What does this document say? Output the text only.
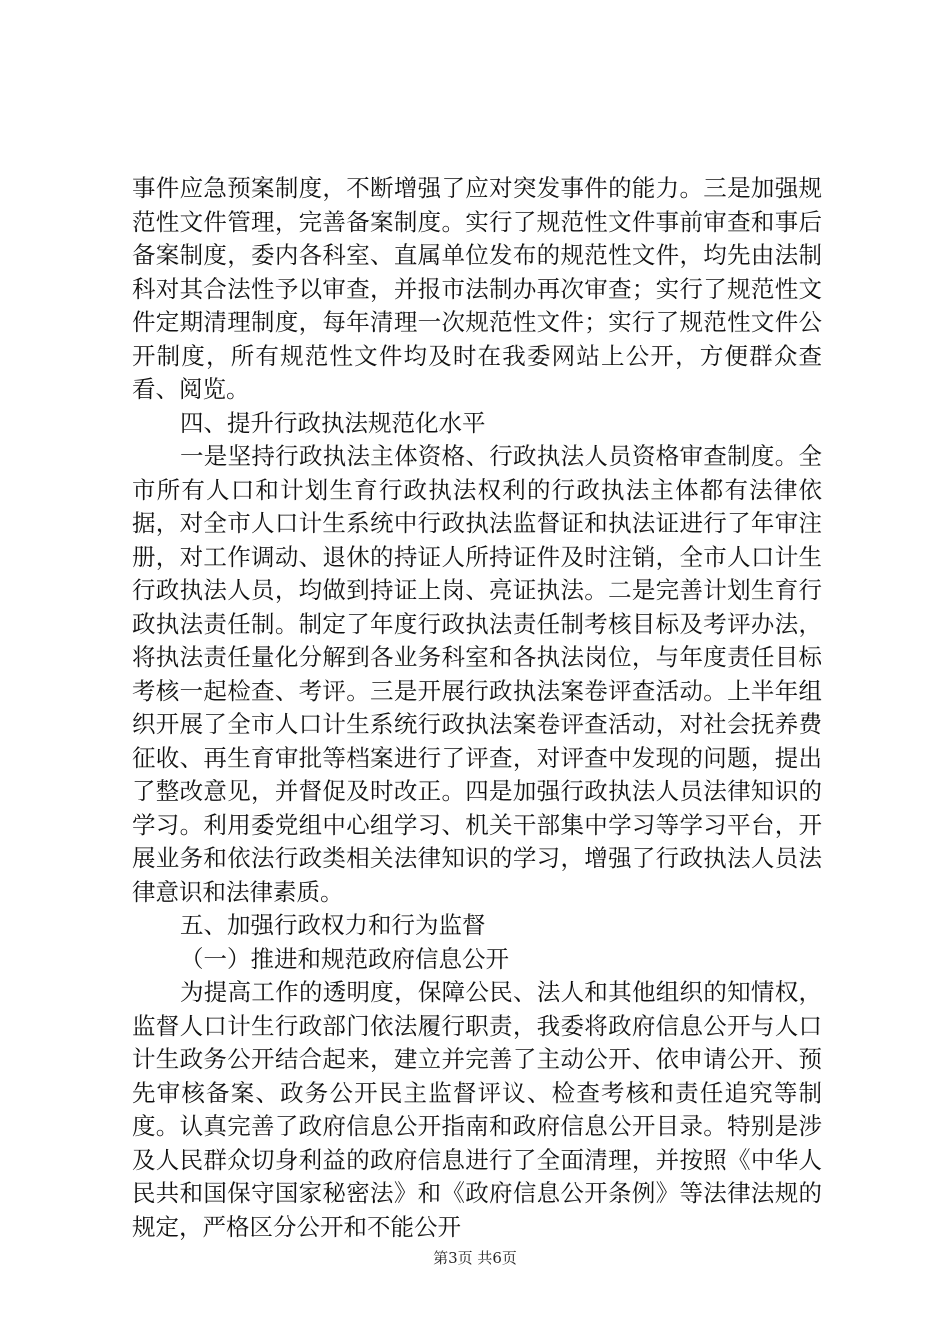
事件应急预案制度，不断增强了应对突发事件的能力。三是加强规范性文件管理，完善备案制度。实行了规范性文件事前审查和事后备案制度，委内各科室、直属单位发布的规范性文件，均先由法制科对其合法性予以审查，并报市法制办再次审查；实行了规范性文件定期清理制度，每年清理一次规范性文件；实行了规范性文件公开制度，所有规范性文件均及时在我委网站上公开，方便群众查看、阅览。

四、提升行政执法规范化水平

一是坚持行政执法主体资格、行政执法人员资格审查制度。全市所有人口和计划生育行政执法权利的行政执法主体都有法律依据，对全市人口计生系统中行政执法监督证和执法证进行了年审注册，对工作调动、退休的持证人所持证件及时注销，全市人口计生行政执法人员，均做到持证上岗、亮证执法。二是完善计划生育行政执法责任制。制定了年度行政执法责任制考核目标及考评办法，将执法责任量化分解到各业务科室和各执法岗位，与年度责任目标考核一起检查、考评。三是开展行政执法案卷评查活动。上半年组织开展了全市人口计生系统行政执法案卷评查活动，对社会抚养费征收、再生育审批等档案进行了评查，对评查中发现的问题，提出了整改意见，并督促及时改正。四是加强行政执法人员法律知识的学习。利用委党组中心组学习、机关干部集中学习等学习平台，开展业务和依法行政类相关法律知识的学习，增强了行政执法人员法律意识和法律素质。

五、加强行政权力和行为监督

（一）推进和规范政府信息公开

为提高工作的透明度，保障公民、法人和其他组织的知情权，监督人口计生行政部门依法履行职责，我委将政府信息公开与人口计生政务公开结合起来，建立并完善了主动公开、依申请公开、预先审核备案、政务公开民主监督评议、检查考核和责任追究等制度。认真完善了政府信息公开指南和政府信息公开目录。特别是涉及人民群众切身利益的政府信息进行了全面清理，并按照《中华人民共和国保守国家秘密法》和《政府信息公开条例》等法律法规的规定，严格区分公开和不能公开

第3页 共6页
